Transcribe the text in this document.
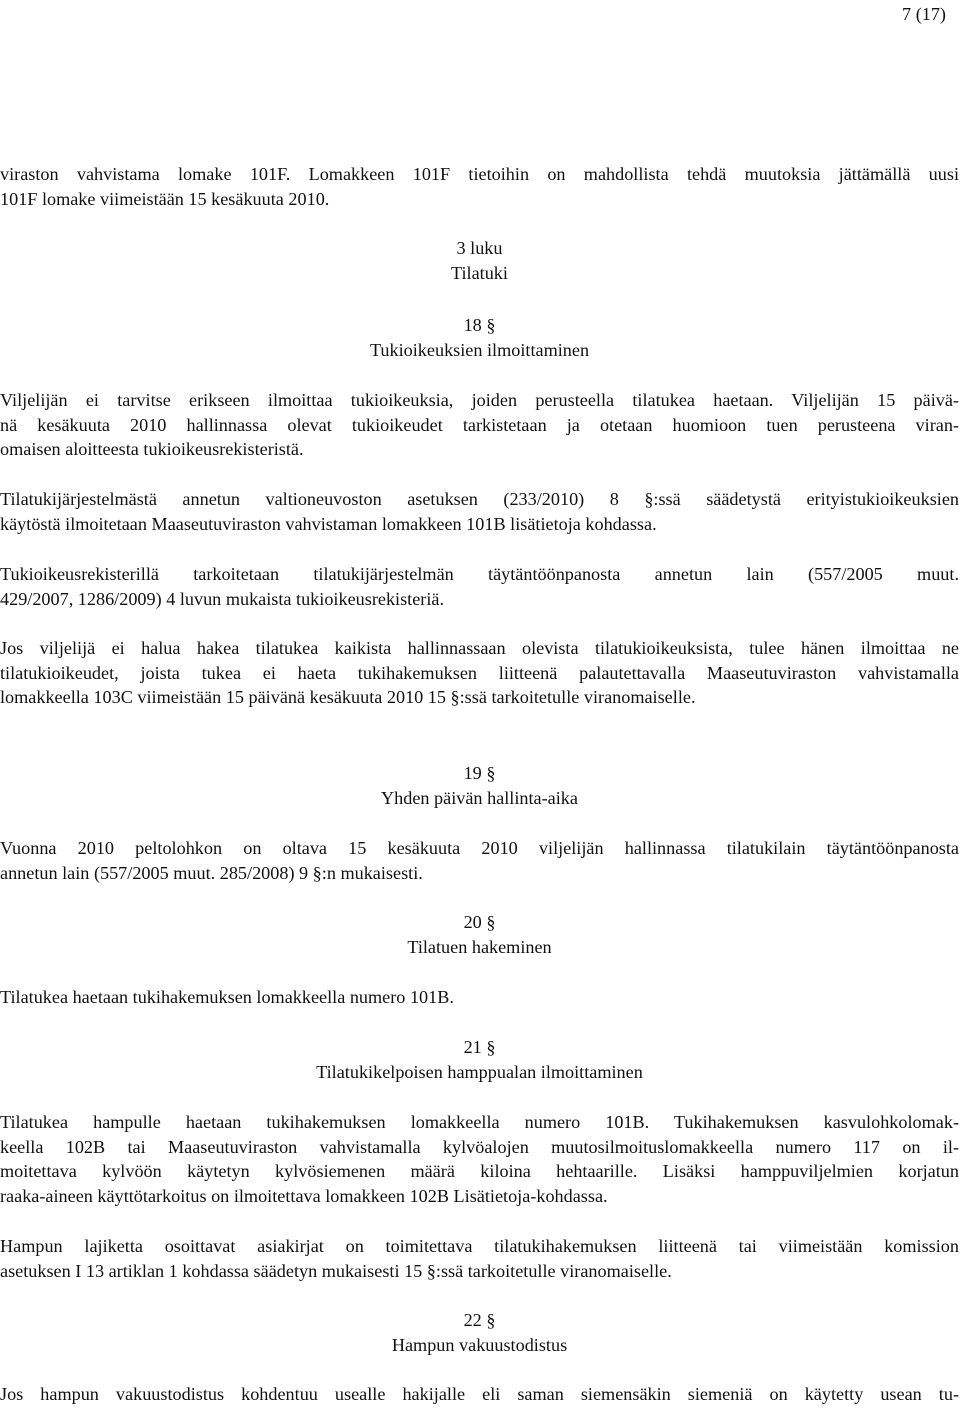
7 (17)
viraston vahvistama lomake 101F. Lomakkeen 101F tietoihin on mahdollista tehdä muutoksia jättämällä uusi
101F lomake viimeistään 15 kesäkuuta 2010.
3 luku
Tilatuki
18 §
Tukioikeuksien ilmoittaminen
Viljelijän ei tarvitse erikseen ilmoittaa tukioikeuksia, joiden perusteella tilatukea haetaan. Viljelijän 15 päivä-
nä kesäkuuta 2010 hallinnassa olevat tukioikeudet tarkistetaan ja otetaan huomioon tuen perusteena viran-
omaisen aloitteesta tukioikeusrekisteristä.
Tilatukijärjestelmästä annetun valtioneuvoston asetuksen (233/2010) 8 §:ssä säädetystä erityistukioikeuksien
käytöstä ilmoitetaan Maaseutuviraston vahvistaman lomakkeen 101B lisätietoja kohdassa.
Tukioikeusrekisterillä tarkoitetaan tilatukijärjestelmän täytäntöönpanosta annetun lain (557/2005 muut.
429/2007, 1286/2009) 4 luvun mukaista tukioikeusrekisteriä.
Jos viljelijä ei halua hakea tilatukea kaikista hallinnassaan olevista tilatukioikeuksista, tulee hänen ilmoittaa ne
tilatukioikeudet, joista tukea ei haeta tukihakemuksen liitteenä palautettavalla Maaseutuviraston vahvistamalla
lomakkeella 103C viimeistään 15 päivänä kesäkuuta 2010 15 §:ssä tarkoitetulle viranomaiselle.
19 §
Yhden päivän hallinta-aika
Vuonna 2010 peltolohkon on oltava 15 kesäkuuta 2010 viljelijän hallinnassa tilatukilain täytäntöönpanosta
annetun lain (557/2005 muut. 285/2008) 9 §:n mukaisesti.
20 §
Tilatuen hakeminen
Tilatukea haetaan tukihakemuksen lomakkeella numero 101B.
21 §
Tilatukikelpoisen hamppualan ilmoittaminen
Tilatukea hampulle haetaan tukihakemuksen lomakkeella numero 101B. Tukihakemuksen kasvulohkolomak-
keella 102B tai Maaseutuviraston vahvistamalla kylvöalojen muutosilmoituslomakkeella numero 117 on il-
moitettava kylvöön käytetyn kylvösiemenen määrä kiloina hehtaarille. Lisäksi hamppuviljelmien korjatun
raaka-aineen käyttötarkoitus on ilmoitettava lomakkeen 102B Lisätietoja-kohdassa.
Hampun lajiketta osoittavat asiakirjat on toimitettava tilatukihakemuksen liitteenä tai viimeistään komission
asetuksen I 13 artiklan 1 kohdassa säädetyn mukaisesti 15 §:ssä tarkoitetulle viranomaiselle.
22 §
Hampun vakuustodistus
Jos hampun vakuustodistus kohdentuu usealle hakijalle eli saman siemensäkin siemeniä on käytetty usean tu-
